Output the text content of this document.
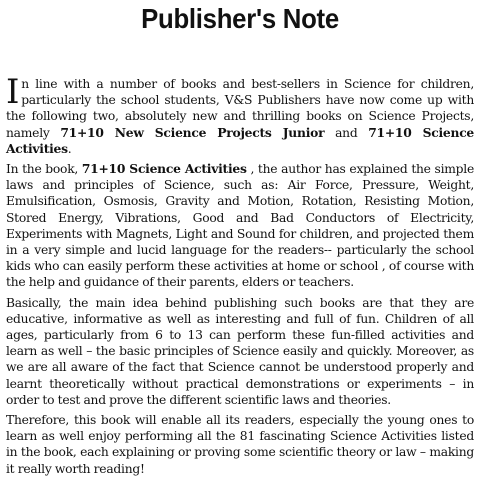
Publisher's Note

In line with a number of books and best-sellers in Science for children, particularly the school students, V&S Publishers have now come up with the following two, absolutely new and thrilling books on Science Projects, namely 71+10 New Science Projects Junior and 71+10 Science Activities.

In the book, 71+10 Science Activities , the author has explained the simple laws and principles of Science, such as: Air Force, Pressure, Weight, Emulsification, Osmosis, Gravity and Motion, Rotation, Resisting Motion, Stored Energy, Vibrations, Good and Bad Conductors of Electricity, Experiments with Magnets, Light and Sound for children, and projected them in a very simple and lucid language for the readers-- particularly the school kids who can easily perform these activities at home or school , of course with the help and guidance of their parents, elders or teachers.

Basically, the main idea behind publishing such books are that they are educative, informative as well as interesting and full of fun. Children of all ages, particularly from 6 to 13 can perform these fun-filled activities and learn as well – the basic principles of Science easily and quickly. Moreover, as we are all aware of the fact that Science cannot be understood properly and learnt theoretically without practical demonstrations or experiments – in order to test and prove the different scientific laws and theories.

Therefore, this book will enable all its readers, especially the young ones to learn as well enjoy performing all the 81 fascinating Science Activities listed in the book, each explaining or proving some scientific theory or law – making it really worth reading!
